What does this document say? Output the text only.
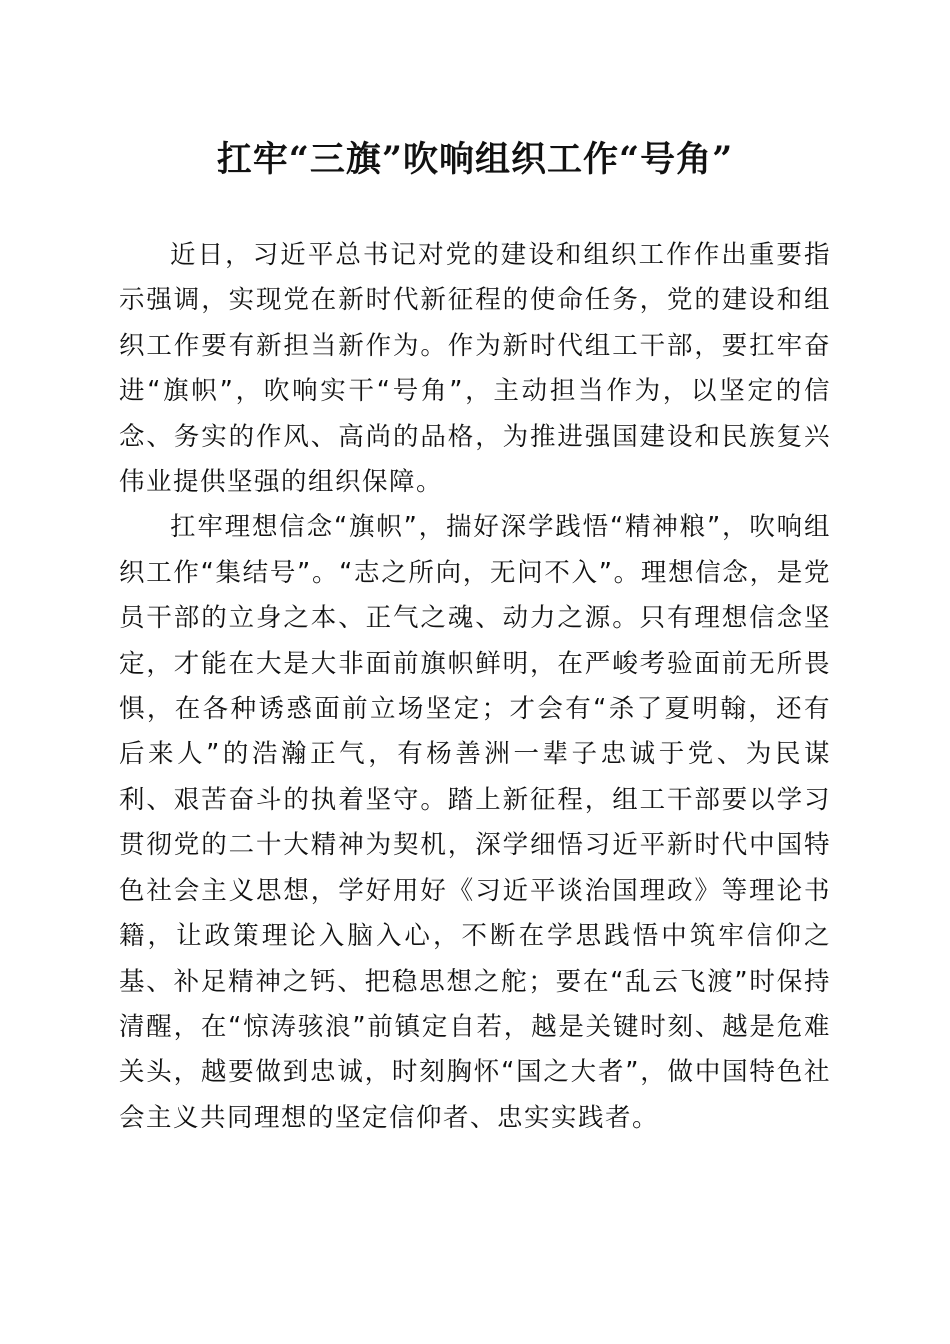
扛牢“三旗”吹响组织工作“号角”

近日，习近平总书记对党的建设和组织工作作出重要指示强调，实现党在新时代新征程的使命任务，党的建设和组织工作要有新担当新作为。作为新时代组工干部，要扛牢奋进“旗帜”，吹响实干“号角”，主动担当作为，以坚定的信念、务实的作风、高尚的品格，为推进强国建设和民族复兴伟业提供坚强的组织保障。

扛牢理想信念“旗帜”，揣好深学践悟“精神粮”，吹响组织工作“集结号”。“志之所向，无问不入”。理想信念，是党员干部的立身之本、正气之魂、动力之源。只有理想信念坚定，才能在大是大非面前旗帜鲜明，在严峻考验面前无所畏惧，在各种诱惑面前立场坚定；才会有“杀了夏明翰，还有后来人”的浩瀚正气，有杨善洲一辈子忠诚于党、为民谋利、艰苦奋斗的执着坚守。踏上新征程，组工干部要以学习贯彻党的二十大精神为契机，深学细悟习近平新时代中国特色社会主义思想，学好用好《习近平谈治国理政》等理论书籍，让政策理论入脑入心，不断在学思践悟中筑牢信仰之基、补足精神之钙、把稳思想之舵；要在“乱云飞渡”时保持清醒，在“惊涛骇浪”前镇定自若，越是关键时刻、越是危难关头，越要做到忠诚，时刻胸怀“国之大者”，做中国特色社会主义共同理想的坚定信仰者、忠实实践者。
